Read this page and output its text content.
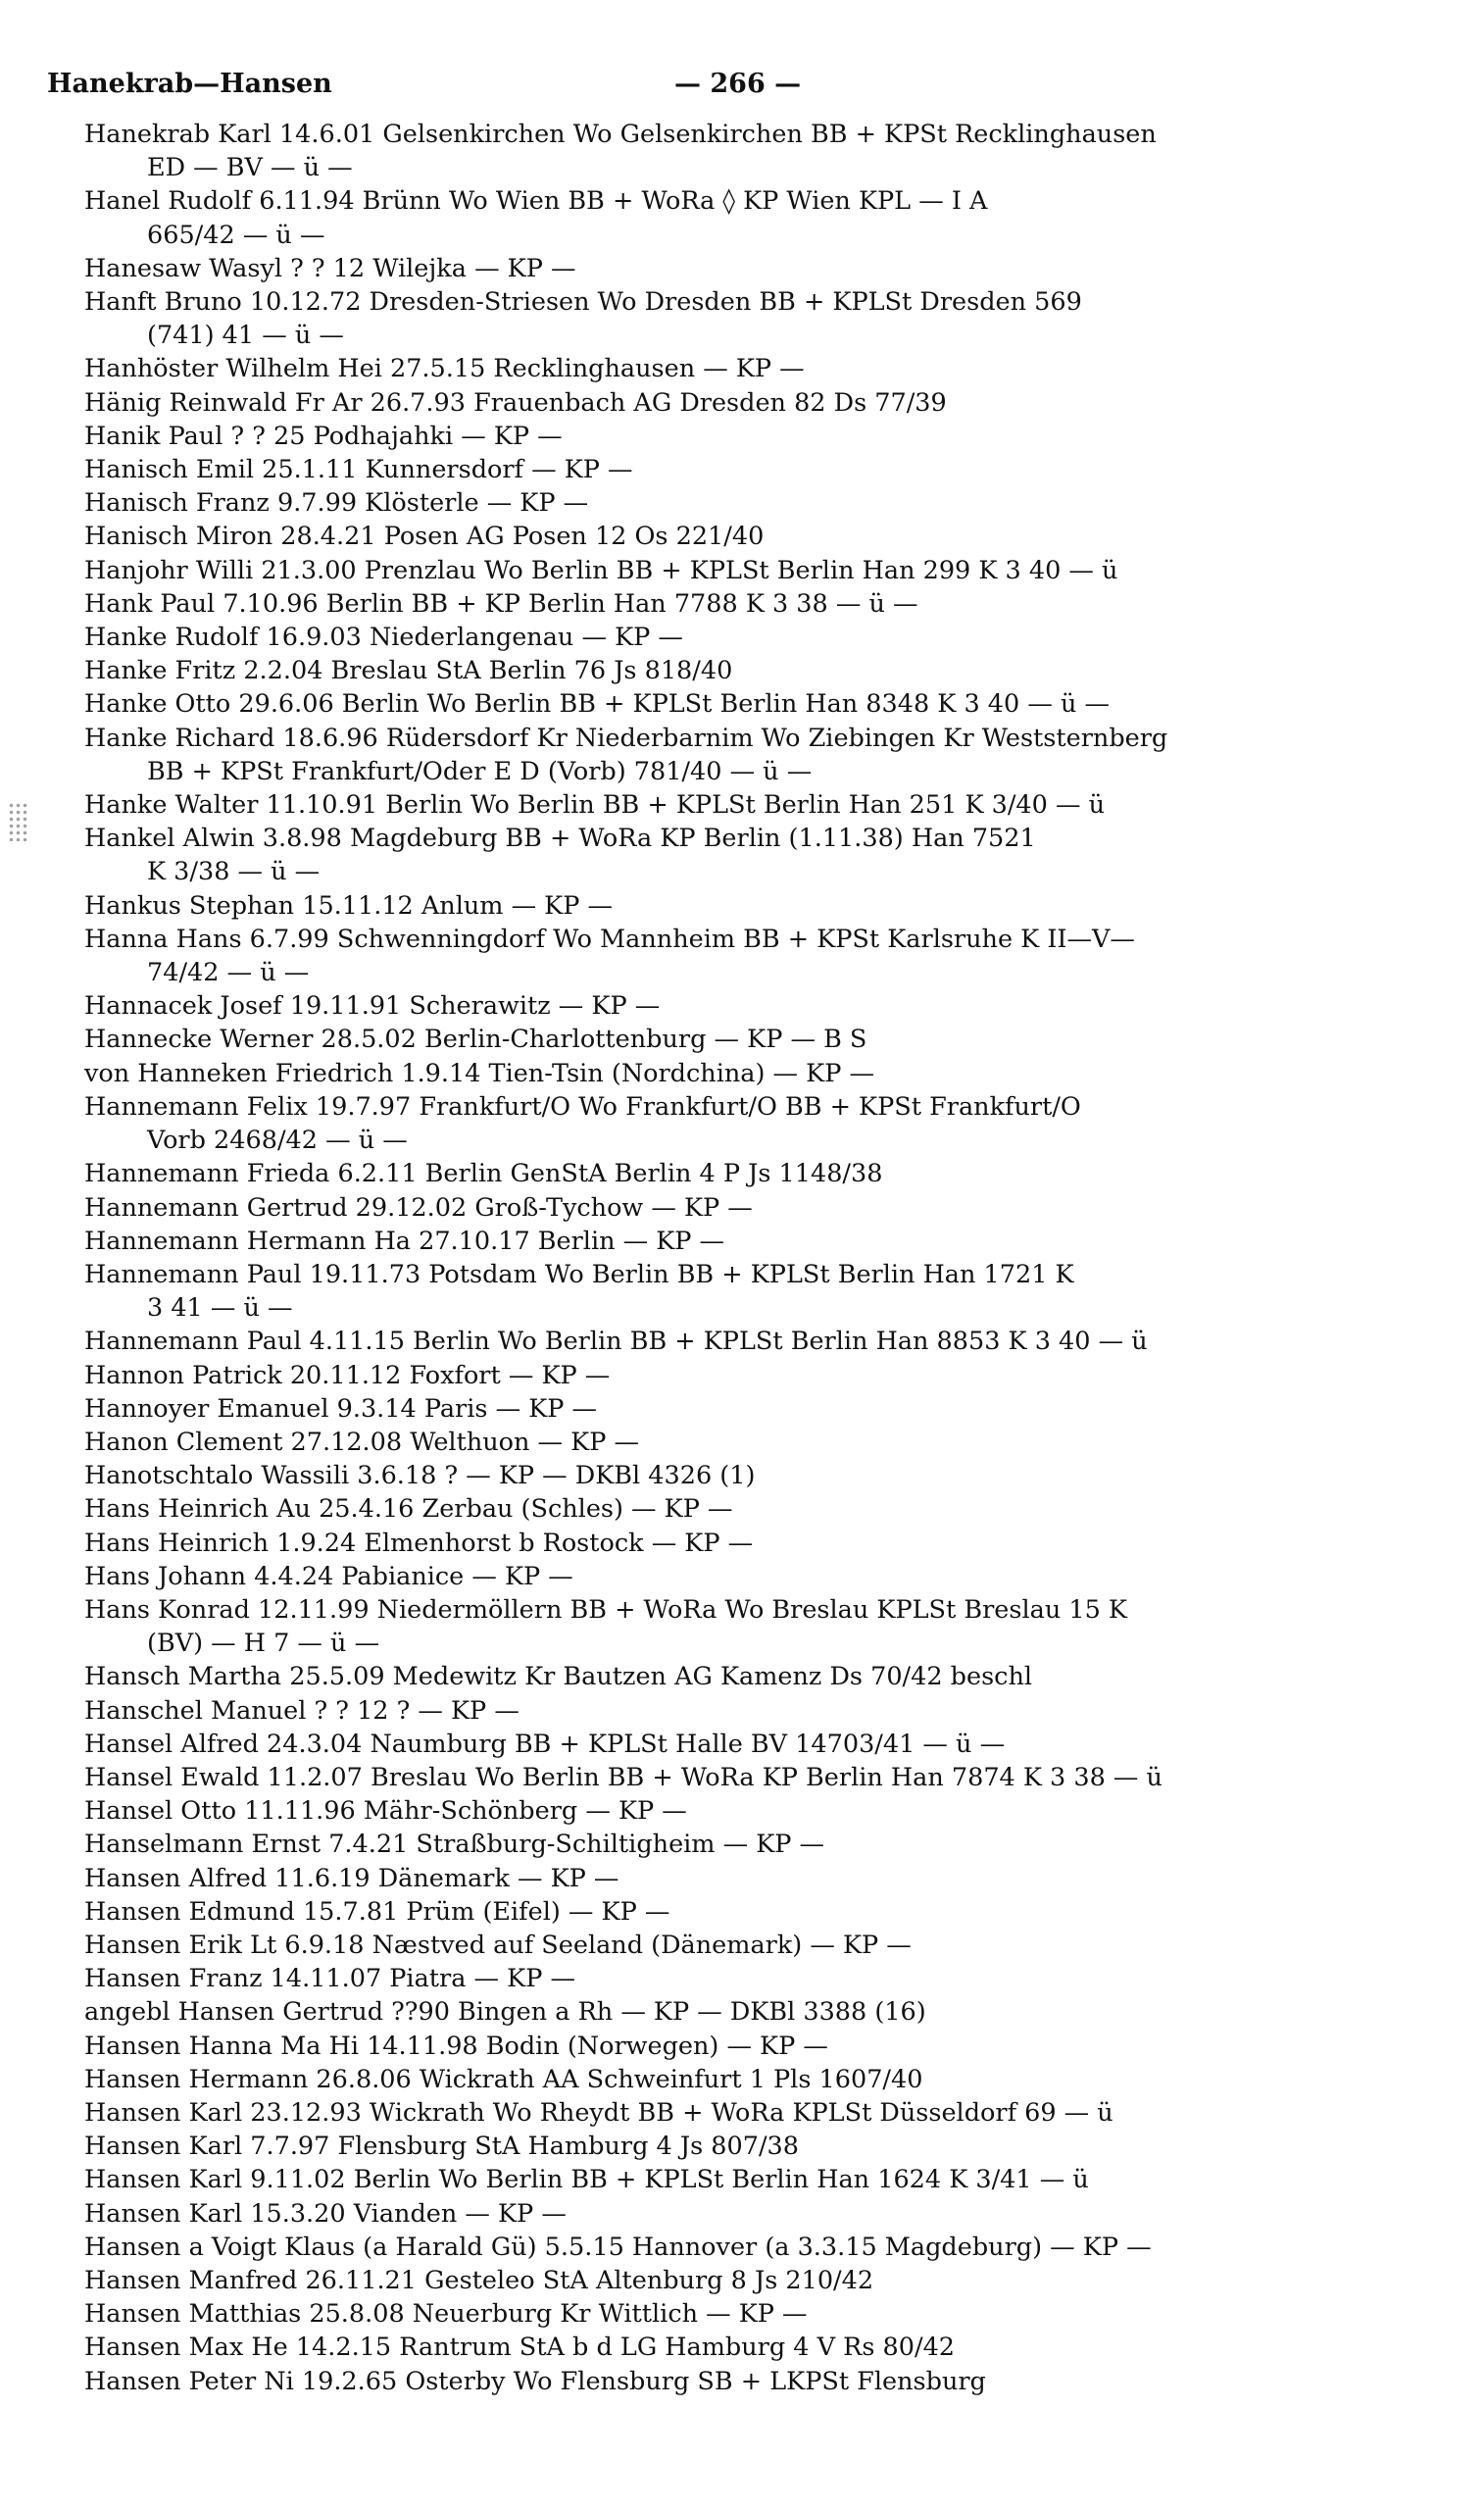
Hanekrab—Hansen	— 266 —
Hanekrab Karl 14.6.01 Gelsenkirchen Wo Gelsenkirchen BB + KPSt Recklinghausen
ED — BV — ü —
Hanel Rudolf 6.11.94 Brünn Wo Wien BB + WoRa ◊ KP Wien KPL — I A
665/42 — ü —
Hanesaw Wasyl ? ? 12 Wilejka — KP —
Hanft Bruno 10.12.72 Dresden-Striesen Wo Dresden BB + KPLSt Dresden 569
(741) 41 — ü —
Hanhöster Wilhelm Hei 27.5.15 Recklinghausen — KP —
Hänig Reinwald Fr Ar 26.7.93 Frauenbach AG Dresden 82 Ds 77/39
Hanik Paul ? ? 25 Podhajahki — KP —
Hanisch Emil 25.1.11 Kunnersdorf — KP —
Hanisch Franz 9.7.99 Klösterle — KP —
Hanisch Miron 28.4.21 Posen AG Posen 12 Os 221/40
Hanjohr Willi 21.3.00 Prenzlau Wo Berlin BB + KPLSt Berlin Han 299 K 3 40 — ü
Hank Paul 7.10.96 Berlin BB + KP Berlin Han 7788 K 3 38 — ü —
Hanke Rudolf 16.9.03 Niederlangenau — KP —
Hanke Fritz 2.2.04 Breslau StA Berlin 76 Js 818/40
Hanke Otto 29.6.06 Berlin Wo Berlin BB + KPLSt Berlin Han 8348 K 3 40 — ü —
Hanke Richard 18.6.96 Rüdersdorf Kr Niederbarnim Wo Ziebingen Kr Weststernberg
BB + KPSt Frankfurt/Oder E D (Vorb) 781/40 — ü —
Hanke Walter 11.10.91 Berlin Wo Berlin BB + KPLSt Berlin Han 251 K 3/40 — ü
Hankel Alwin 3.8.98 Magdeburg BB + WoRa KP Berlin (1.11.38) Han 7521
K 3/38 — ü —
Hankus Stephan 15.11.12 Anlum — KP —
Hanna Hans 6.7.99 Schwenningdorf Wo Mannheim BB + KPSt Karlsruhe K II—V—
74/42 — ü —
Hannacek Josef 19.11.91 Scherawitz — KP —
Hannecke Werner 28.5.02 Berlin-Charlottenburg — KP — B S
von Hanneken Friedrich 1.9.14 Tien-Tsin (Nordchina) — KP —
Hannemann Felix 19.7.97 Frankfurt/O Wo Frankfurt/O BB + KPSt Frankfurt/O
Vorb 2468/42 — ü —
Hannemann Frieda 6.2.11 Berlin GenStA Berlin 4 P Js 1148/38
Hannemann Gertrud 29.12.02 Groß-Tychow — KP —
Hannemann Hermann Ha 27.10.17 Berlin — KP —
Hannemann Paul 19.11.73 Potsdam Wo Berlin BB + KPLSt Berlin Han 1721 K
3 41 — ü —
Hannemann Paul 4.11.15 Berlin Wo Berlin BB + KPLSt Berlin Han 8853 K 3 40 — ü
Hannon Patrick 20.11.12 Foxfort — KP —
Hannoyer Emanuel 9.3.14 Paris — KP —
Hanon Clement 27.12.08 Welthuon — KP —
Hanotschtalo Wassili 3.6.18 ? — KP — DKBl 4326 (1)
Hans Heinrich Au 25.4.16 Zerbau (Schles) — KP —
Hans Heinrich 1.9.24 Elmenhorst b Rostock — KP —
Hans Johann 4.4.24 Pabianice — KP —
Hans Konrad 12.11.99 Niedermöllern BB + WoRa Wo Breslau KPLSt Breslau 15 K
(BV) — H 7 — ü —
Hansch Martha 25.5.09 Medewitz Kr Bautzen AG Kamenz Ds 70/42 beschl
Hanschel Manuel ? ? 12 ? — KP —
Hansel Alfred 24.3.04 Naumburg BB + KPLSt Halle BV 14703/41 — ü —
Hansel Ewald 11.2.07 Breslau Wo Berlin BB + WoRa KP Berlin Han 7874 K 3 38 — ü
Hansel Otto 11.11.96 Mähr-Schönberg — KP —
Hanselmann Ernst 7.4.21 Straßburg-Schiltigheim — KP —
Hansen Alfred 11.6.19 Dänemark — KP —
Hansen Edmund 15.7.81 Prüm (Eifel) — KP —
Hansen Erik Lt 6.9.18 Næstved auf Seeland (Dänemark) — KP —
Hansen Franz 14.11.07 Piatra — KP —
angebl Hansen Gertrud ??90 Bingen a Rh — KP — DKBl 3388 (16)
Hansen Hanna Ma Hi 14.11.98 Bodin (Norwegen) — KP —
Hansen Hermann 26.8.06 Wickrath AA Schweinfurt 1 Pls 1607/40
Hansen Karl 23.12.93 Wickrath Wo Rheydt BB + WoRa KPLSt Düsseldorf 69 — ü
Hansen Karl 7.7.97 Flensburg StA Hamburg 4 Js 807/38
Hansen Karl 9.11.02 Berlin Wo Berlin BB + KPLSt Berlin Han 1624 K 3/41 — ü
Hansen Karl 15.3.20 Vianden — KP —
Hansen a Voigt Klaus (a Harald Gü) 5.5.15 Hannover (a 3.3.15 Magdeburg) — KP —
Hansen Manfred 26.11.21 Gesteleo StA Altenburg 8 Js 210/42
Hansen Matthias 25.8.08 Neuerburg Kr Wittlich — KP —
Hansen Max He 14.2.15 Rantrum StA b d LG Hamburg 4 V Rs 80/42
Hansen Peter Ni 19.2.65 Osterby Wo Flensburg SB + LKPSt Flensburg
